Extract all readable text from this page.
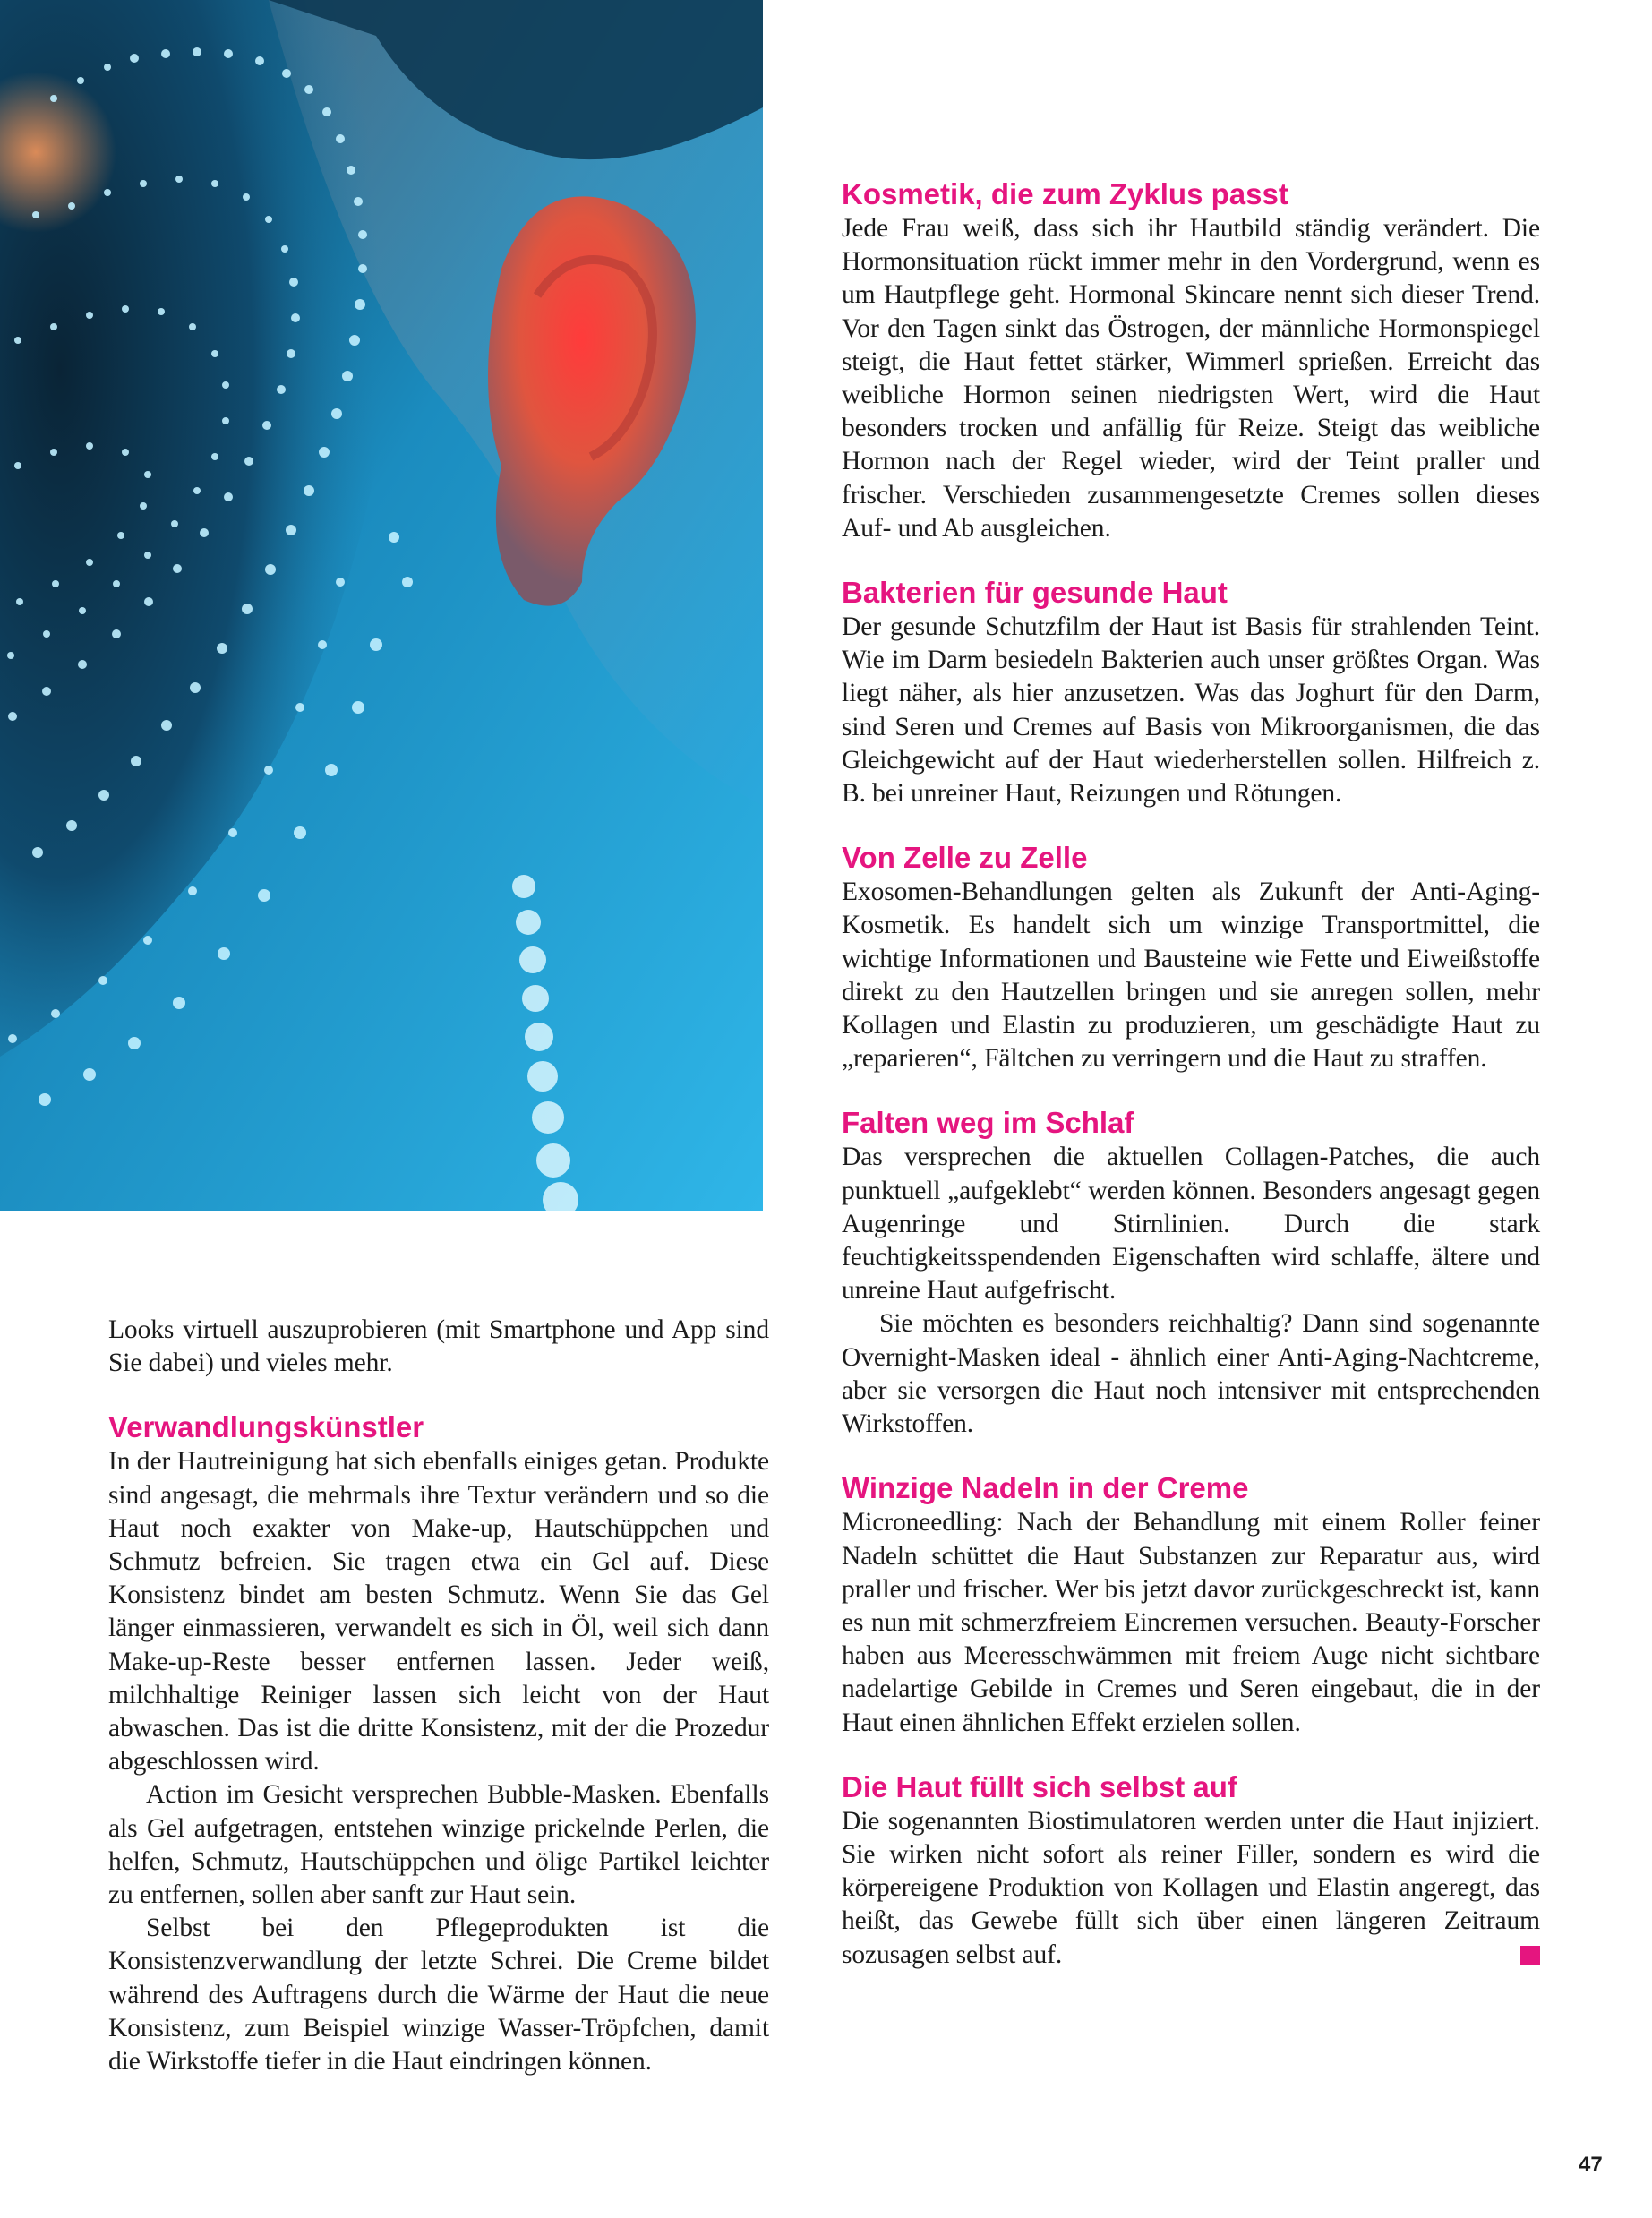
Kosmetik, die zum Zyklus passt

Jede Frau weiß, dass sich ihr Hautbild ständig verändert. Die Hormonsituation rückt immer mehr in den Vordergrund, wenn es um Hautpflege geht. Hormonal Skincare nennt sich dieser Trend. Vor den Tagen sinkt das Östrogen, der männliche Hormonspiegel steigt, die Haut fettet stärker, Wimmerl sprießen. Erreicht das weibliche Hormon seinen niedrigsten Wert, wird die Haut besonders trocken und anfällig für Reize. Steigt das weibliche Hormon nach der Regel wieder, wird der Teint praller und frischer. Verschieden zusammengesetzte Cremes sollen dieses Auf- und Ab ausgleichen.

Bakterien für gesunde Haut

Der gesunde Schutzfilm der Haut ist Basis für strahlenden Teint. Wie im Darm besiedeln Bakterien auch unser größtes Organ. Was liegt näher, als hier anzusetzen. Was das Joghurt für den Darm, sind Seren und Cremes auf Basis von Mikroorganismen, die das Gleichgewicht auf der Haut wiederherstellen sollen. Hilfreich z. B. bei unreiner Haut, Reizungen und Rötungen.

Von Zelle zu Zelle

Exosomen-Behandlungen gelten als Zukunft der Anti-Aging-Kosmetik. Es handelt sich um winzige Transportmittel, die wichtige Informationen und Bausteine wie Fette und Eiweißstoffe direkt zu den Hautzellen bringen und sie anregen sollen, mehr Kollagen und Elastin zu produzieren, um geschädigte Haut zu „reparieren“, Fältchen zu verringern und die Haut zu straffen.

Falten weg im Schlaf

Das versprechen die aktuellen Collagen-Patches, die auch punktuell „aufgeklebt“ werden können. Besonders angesagt gegen Augenringe und Stirnlinien. Durch die stark feuchtigkeitsspendenden Eigenschaften wird schlaffe, ältere und unreine Haut aufgefrischt.

Sie möchten es besonders reichhaltig? Dann sind sogenannte Overnight-Masken ideal - ähnlich einer Anti-Aging-Nachtcreme, aber sie versorgen die Haut noch intensiver mit entsprechenden Wirkstoffen.

Winzige Nadeln in der Creme

Microneedling: Nach der Behandlung mit einem Roller feiner Nadeln schüttet die Haut Substanzen zur Reparatur aus, wird praller und frischer. Wer bis jetzt davor zurückgeschreckt ist, kann es nun mit schmerzfreiem Eincremen versuchen. Beauty-Forscher haben aus Meeresschwämmen mit freiem Auge nicht sichtbare nadelartige Gebilde in Cremes und Seren eingebaut, die in der Haut einen ähnlichen Effekt erzielen sollen.

Die Haut füllt sich selbst auf

Die sogenannten Biostimulatoren werden unter die Haut injiziert. Sie wirken nicht sofort als reiner Filler, sondern es wird die körpereigene Produktion von Kollagen und Elastin angeregt, das heißt, das Gewebe füllt sich über einen längeren Zeitraum sozusagen selbst auf.

Looks virtuell auszuprobieren (mit Smartphone und App sind Sie dabei) und vieles mehr.

Verwandlungskünstler

In der Hautreinigung hat sich ebenfalls einiges getan. Produkte sind angesagt, die mehrmals ihre Textur verändern und so die Haut noch exakter von Make-up, Hautschüppchen und Schmutz befreien. Sie tragen etwa ein Gel auf. Diese Konsistenz bindet am besten Schmutz. Wenn Sie das Gel länger einmassieren, verwandelt es sich in Öl, weil sich dann Make-up-Reste besser entfernen lassen. Jeder weiß, milchhaltige Reiniger lassen sich leicht von der Haut abwaschen. Das ist die dritte Konsistenz, mit der die Prozedur abgeschlossen wird.

Action im Gesicht versprechen Bubble-Masken. Ebenfalls als Gel aufgetragen, entstehen winzige prickelnde Perlen, die helfen, Schmutz, Hautschüppchen und ölige Partikel leichter zu entfernen, sollen aber sanft zur Haut sein.

Selbst bei den Pflegeprodukten ist die Konsistenzverwandlung der letzte Schrei. Die Creme bildet während des Auftragens durch die Wärme der Haut die neue Konsistenz, zum Beispiel winzige Wasser-Tröpfchen, damit die Wirkstoffe tiefer in die Haut eindringen können.

47
